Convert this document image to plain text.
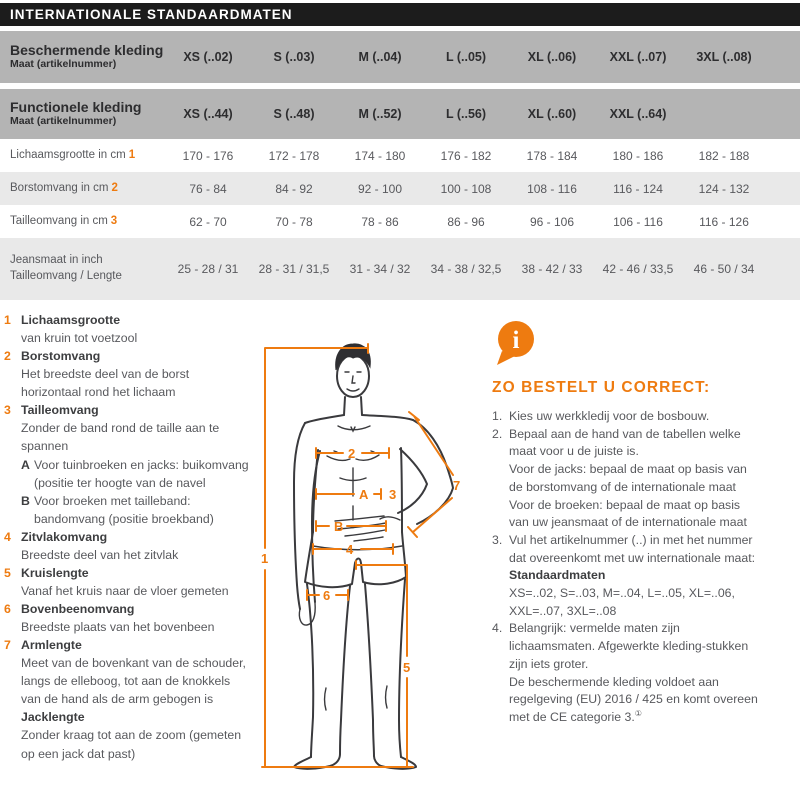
INTERNATIONALE STANDAARDMATEN
Beschermende kleding
Maat (artikelnummer)	XS (..02)	S (..03)	M (..04)	L (..05)	XL (..06)	XXL (..07)	3XL (..08)
Functionele kleding
Maat (artikelnummer)	XS (..44)	S (..48)	M (..52)	L (..56)	XL (..60)	XXL (..64)
Lichaamsgrootte in cm 1	170 - 176	172 - 178	174 - 180	176 - 182	178 - 184	180 - 186	182 - 188
Borstomvang in cm 2	76 - 84	84 - 92	92 - 100	100 - 108	108 - 116	116 - 124	124 - 132
Tailleomvang in cm 3	62 - 70	70 - 78	78 - 86	86 - 96	96 - 106	106 - 116	116 - 126
Jeansmaat in inch
Tailleomvang / Lengte	25 - 28 / 31	28 - 31 / 31,5	31 - 34 / 32	34 - 38 / 32,5	38 - 42 / 33	42 - 46 / 33,5	46 - 50 / 34
1 Lichaamsgrootte
van kruin tot voetzool
2 Borstomvang
Het breedste deel van de borst horizontaal rond het lichaam
3 Tailleomvang
Zonder de band rond de taille aan te spannen
A Voor tuinbroeken en jacks: buikomvang (positie ter hoogte van de navel
B Voor broeken met tailleband: bandomvang (positie broekband)
4 Zitvlakomvang
Breedste deel van het zitvlak
5 Kruislengte
Vanaf het kruis naar de vloer gemeten
6 Bovenbeenomvang
Breedste plaats van het bovenbeen
7 Armlengte
Meet van de bovenkant van de schouder, langs de elleboog, tot aan de knokkels van de hand als de arm gebogen is
Jacklengte
Zonder kraag tot aan de zoom (gemeten op een jack dat past)
1
2
A 3
B
4
7
6
5
i
ZO BESTELT U CORRECT:
1. Kies uw werkkledij voor de bosbouw.
2. Bepaal aan de hand van de tabellen welke maat voor u de juiste is.
Voor de jacks: bepaal de maat op basis van de borstomvang of de internationale maat
Voor de broeken: bepaal de maat op basis van uw jeansmaat of de internationale maat
3. Vul het artikelnummer (..) in met het nummer dat overeenkomt met uw internationale maat:
Standaardmaten
XS=..02, S=..03, M=..04, L=..05, XL=..06, XXL=..07, 3XL=..08
4. Belangrijk: vermelde maten zijn lichaamsmaten. Afgewerkte kleding-stukken zijn iets groter.
De beschermende kleding voldoet aan regelgeving (EU) 2016 / 425 en komt overeen met de CE categorie 3.①
